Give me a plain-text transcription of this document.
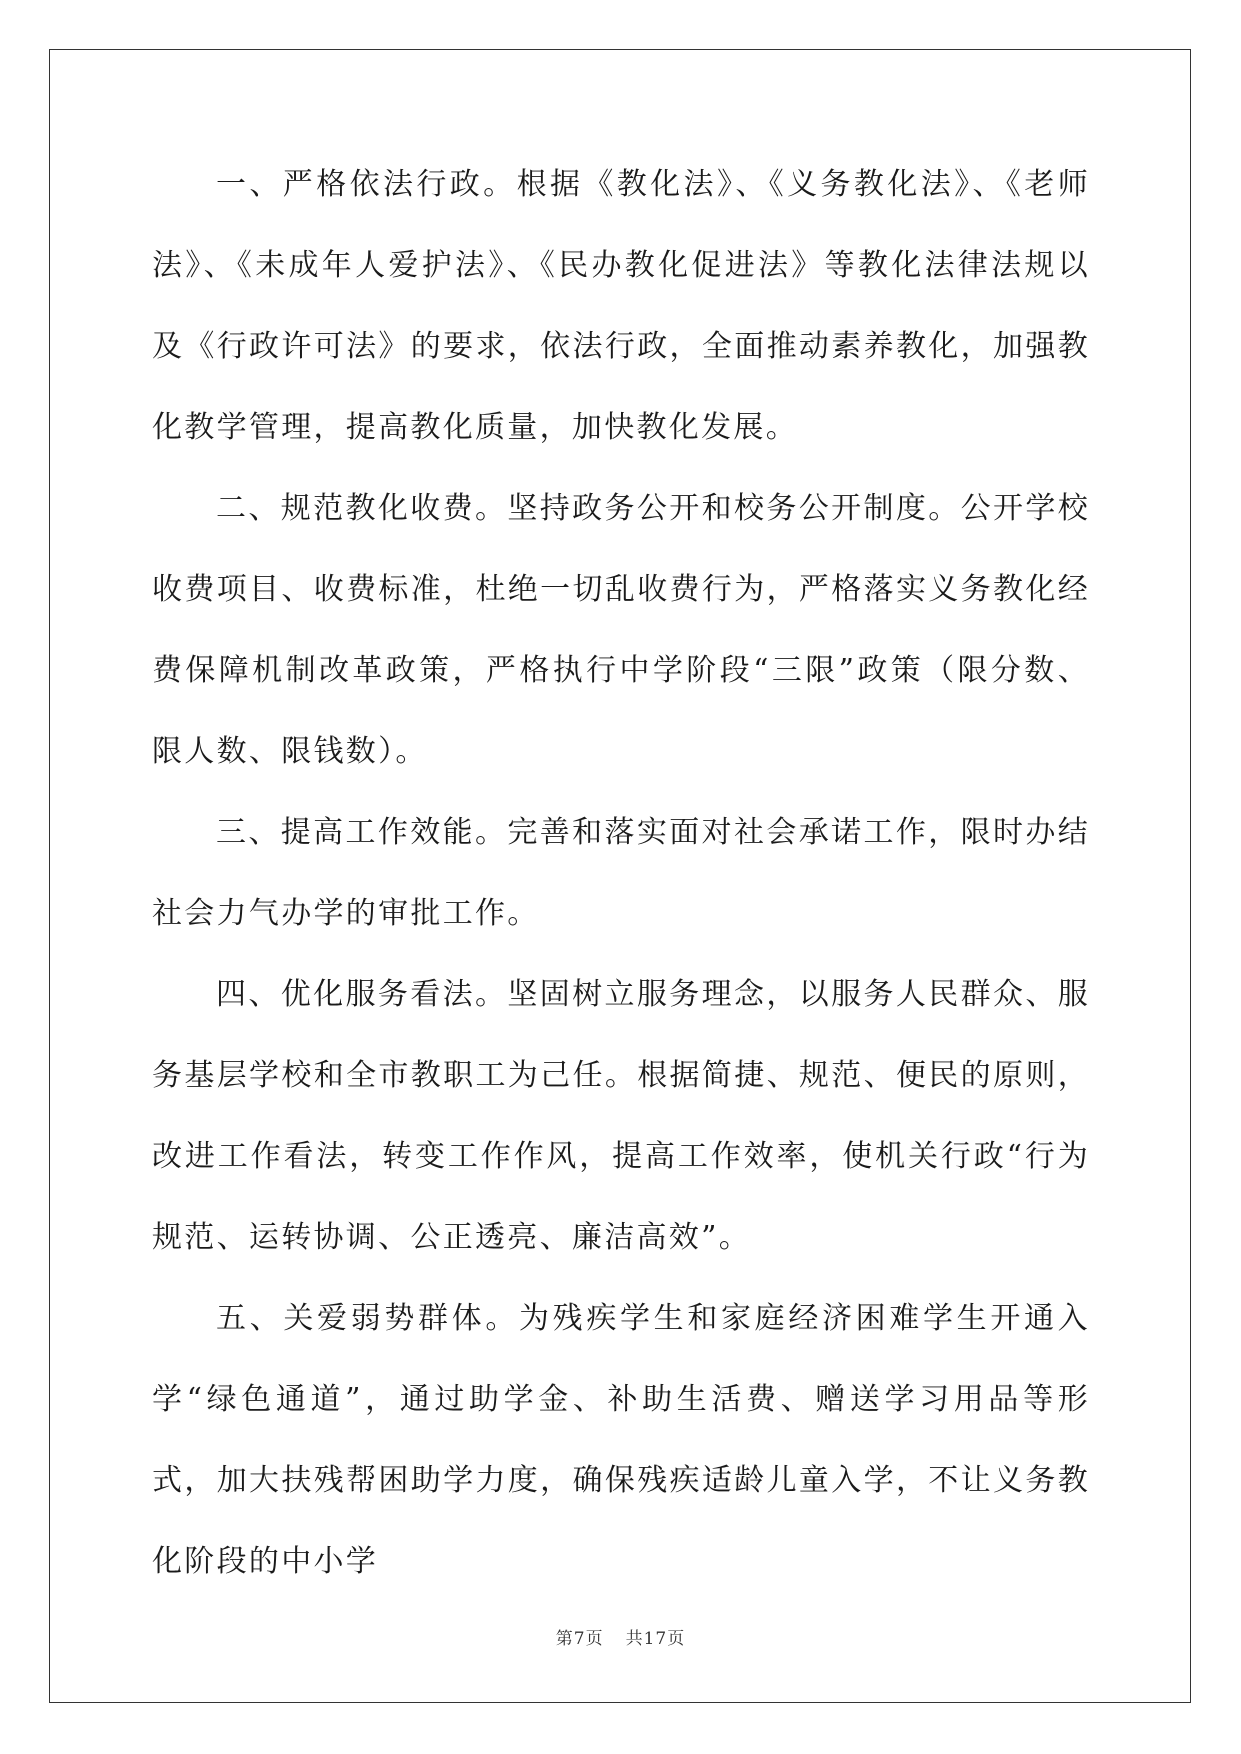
一、严格依法行政。根据《教化法》、《义务教化法》、《老师法》、《未成年人爱护法》、《民办教化促进法》等教化法律法规以及《行政许可法》的要求，依法行政，全面推动素养教化，加强教化教学管理，提高教化质量，加快教化发展。

二、规范教化收费。坚持政务公开和校务公开制度。公开学校收费项目、收费标准，杜绝一切乱收费行为，严格落实义务教化经费保障机制改革政策，严格执行中学阶段“三限”政策（限分数、限人数、限钱数）。

三、提高工作效能。完善和落实面对社会承诺工作，限时办结社会力气办学的审批工作。

四、优化服务看法。坚固树立服务理念，以服务人民群众、服务基层学校和全市教职工为己任。根据简捷、规范、便民的原则，改进工作看法，转变工作作风，提高工作效率，使机关行政“行为规范、运转协调、公正透亮、廉洁高效”。

五、关爱弱势群体。为残疾学生和家庭经济困难学生开通入学“绿色通道”，通过助学金、补助生活费、赠送学习用品等形式，加大扶残帮困助学力度，确保残疾适龄儿童入学，不让义务教化阶段的中小学

第7页 共17页
